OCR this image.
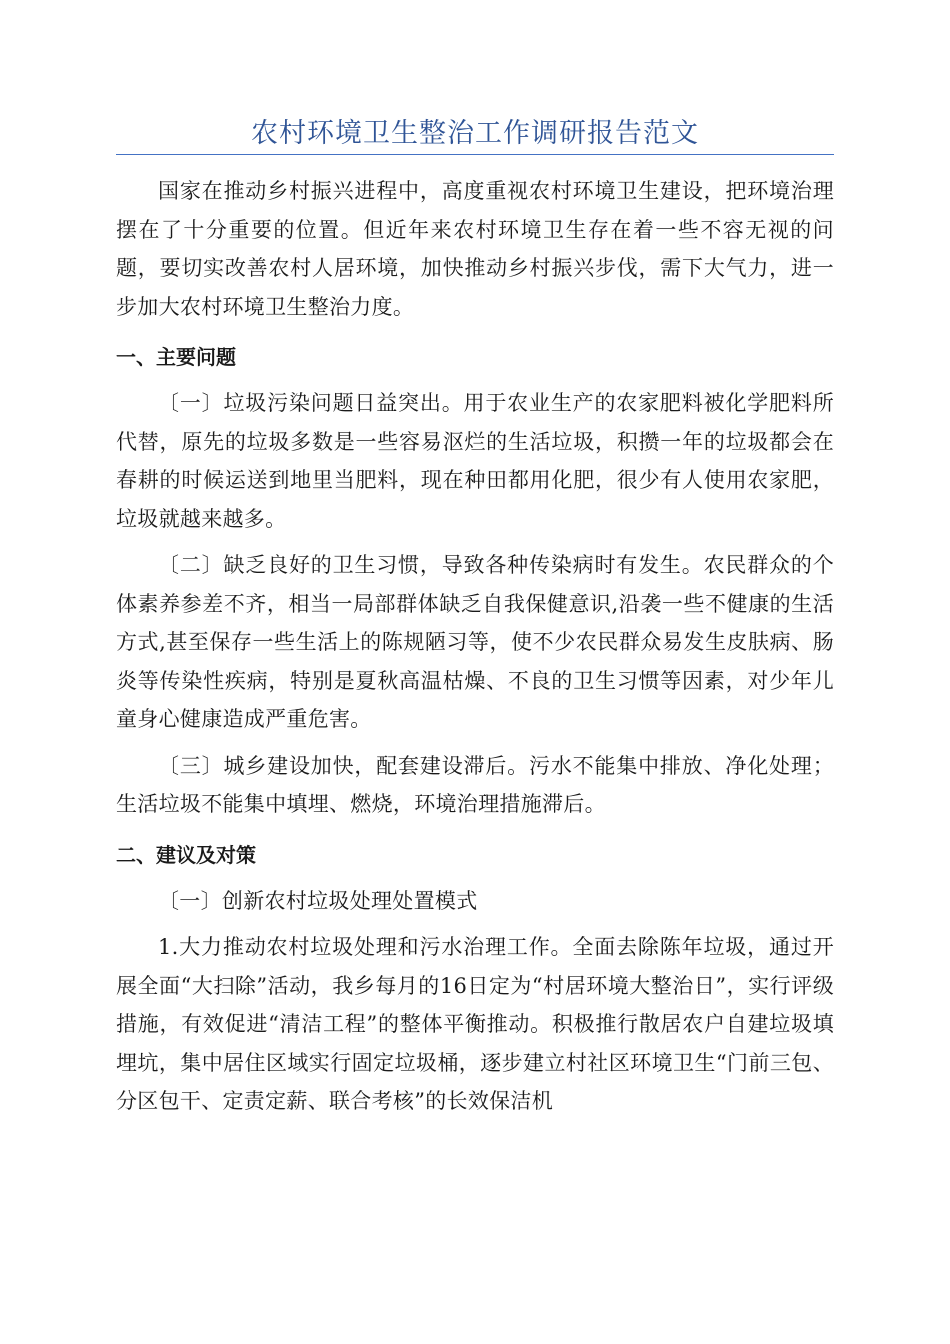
农村环境卫生整治工作调研报告范文

国家在推动乡村振兴进程中，高度重视农村环境卫生建设，把环境治理摆在了十分重要的位置。但近年来农村环境卫生存在着一些不容无视的问题，要切实改善农村人居环境，加快推动乡村振兴步伐，需下大气力，进一步加大农村环境卫生整治力度。

一、主要问题

〔一〕垃圾污染问题日益突出。用于农业生产的农家肥料被化学肥料所代替，原先的垃圾多数是一些容易沤烂的生活垃圾，积攒一年的垃圾都会在春耕的时候运送到地里当肥料，现在种田都用化肥，很少有人使用农家肥，垃圾就越来越多。

〔二〕缺乏良好的卫生习惯，导致各种传染病时有发生。农民群众的个体素养参差不齐，相当一局部群体缺乏自我保健意识,沿袭一些不健康的生活方式,甚至保存一些生活上的陈规陋习等，使不少农民群众易发生皮肤病、肠炎等传染性疾病，特别是夏秋高温枯燥、不良的卫生习惯等因素，对少年儿童身心健康造成严重危害。

〔三〕城乡建设加快，配套建设滞后。污水不能集中排放、净化处理；生活垃圾不能集中填埋、燃烧，环境治理措施滞后。

二、建议及对策

〔一〕创新农村垃圾处理处置模式

1.大力推动农村垃圾处理和污水治理工作。全面去除陈年垃圾，通过开展全面“大扫除”活动，我乡每月的16日定为“村居环境大整治日”，实行评级措施，有效促进“清洁工程”的整体平衡推动。积极推行散居农户自建垃圾填埋坑，集中居住区域实行固定垃圾桶，逐步建立村社区环境卫生“门前三包、分区包干、定责定薪、联合考核”的长效保洁机
